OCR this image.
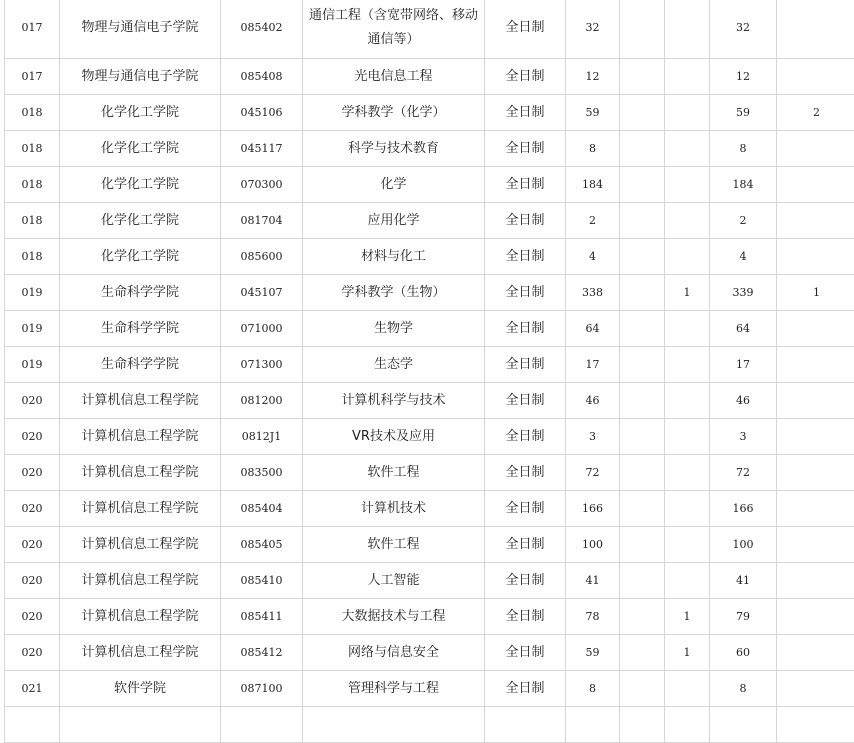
017	物理与通信电子学院	085402	通信工程（含宽带网络、移动通信等）	全日制	32			32	
017	物理与通信电子学院	085408	光电信息工程	全日制	12			12	
018	化学化工学院	045106	学科教学（化学）	全日制	59			59	2
018	化学化工学院	045117	科学与技术教育	全日制	8			8	
018	化学化工学院	070300	化学	全日制	184			184	
018	化学化工学院	081704	应用化学	全日制	2			2	
018	化学化工学院	085600	材料与化工	全日制	4			4	
019	生命科学学院	045107	学科教学（生物）	全日制	338		1	339	1
019	生命科学学院	071000	生物学	全日制	64			64	
019	生命科学学院	071300	生态学	全日制	17			17	
020	计算机信息工程学院	081200	计算机科学与技术	全日制	46			46	
020	计算机信息工程学院	0812J1	VR技术及应用	全日制	3			3	
020	计算机信息工程学院	083500	软件工程	全日制	72			72	
020	计算机信息工程学院	085404	计算机技术	全日制	166			166	
020	计算机信息工程学院	085405	软件工程	全日制	100			100	
020	计算机信息工程学院	085410	人工智能	全日制	41			41	
020	计算机信息工程学院	085411	大数据技术与工程	全日制	78		1	79	
020	计算机信息工程学院	085412	网络与信息安全	全日制	59		1	60	
021	软件学院	087100	管理科学与工程	全日制	8			8	
